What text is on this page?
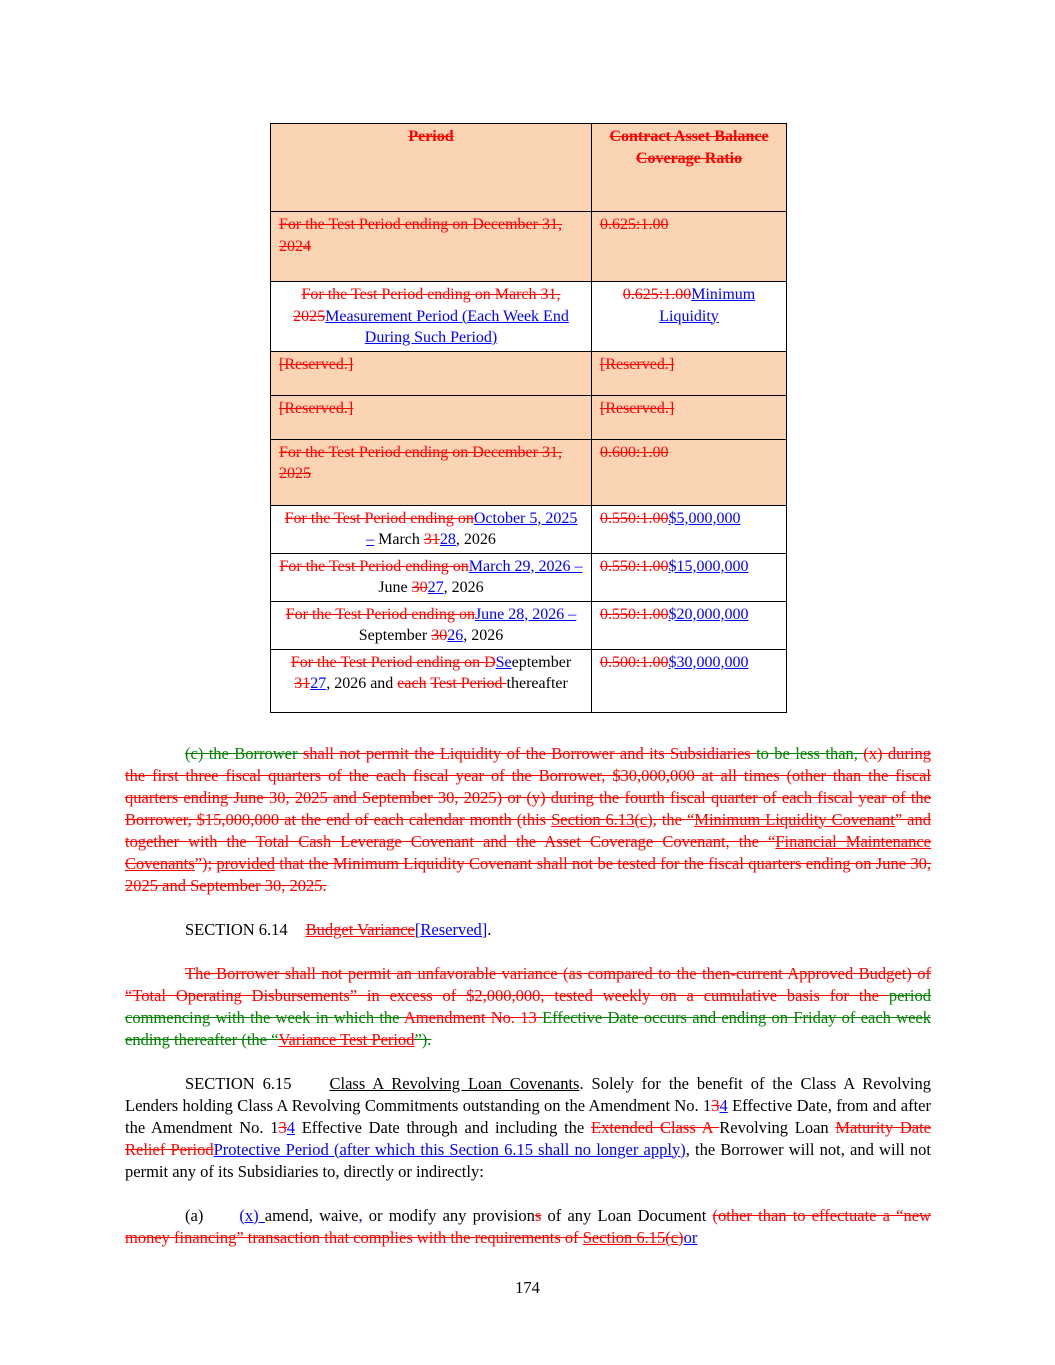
Period	Contract Asset Balance Coverage Ratio
For the Test Period ending on December 31, 2024	0.625:1.00
For the Test Period ending on March 31, 2025Measurement Period (Each Week End During Such Period)	0.625:1.00Minimum Liquidity
[Reserved.]	[Reserved.]
[Reserved.]	[Reserved.]
For the Test Period ending on December 31, 2025	0.600:1.00
For the Test Period ending onOctober 5, 2025 – March 3128, 2026	0.550:1.00$5,000,000
For the Test Period ending onMarch 29, 2026 – June 3027, 2026	0.550:1.00$15,000,000
For the Test Period ending onJune 28, 2026 – September 3026, 2026	0.550:1.00$20,000,000
For the Test Period ending on DSeeptember 3127, 2026 and each Test Period thereafter	0.500:1.00$30,000,000
(c) the Borrower shall not permit the Liquidity of the Borrower and its Subsidiaries to be less than, (x) during the first three fiscal quarters of the each fiscal year of the Borrower, $30,000,000 at all times (other than the fiscal quarters ending June 30, 2025 and September 30, 2025) or (y) during the fourth fiscal quarter of each fiscal year of the Borrower, $15,000,000 at the end of each calendar month (this Section 6.13(c), the “Minimum Liquidity Covenant” and together with the Total Cash Leverage Covenant and the Asset Coverage Covenant, the “Financial Maintenance Covenants”); provided that the Minimum Liquidity Covenant shall not be tested for the fiscal quarters ending on June 30, 2025 and September 30, 2025.
SECTION 6.14 Budget Variance[Reserved].
The Borrower shall not permit an unfavorable variance (as compared to the then-current Approved Budget) of “Total Operating Disbursements” in excess of $2,000,000, tested weekly on a cumulative basis for the period commencing with the week in which the Amendment No. 13 Effective Date occurs and ending on Friday of each week ending thereafter (the “Variance Test Period”).
SECTION 6.15 Class A Revolving Loan Covenants. Solely for the benefit of the Class A Revolving Lenders holding Class A Revolving Commitments outstanding on the Amendment No. 134 Effective Date, from and after the Amendment No. 134 Effective Date through and including the Extended Class A Revolving Loan Maturity Date Relief PeriodProtective Period (after which this Section 6.15 shall no longer apply), the Borrower will not, and will not permit any of its Subsidiaries to, directly or indirectly:
(a) (x) amend, waive, or modify any provisions of any Loan Document (other than to effectuate a “new money financing” transaction that complies with the requirements of Section 6.15(c)or
174
